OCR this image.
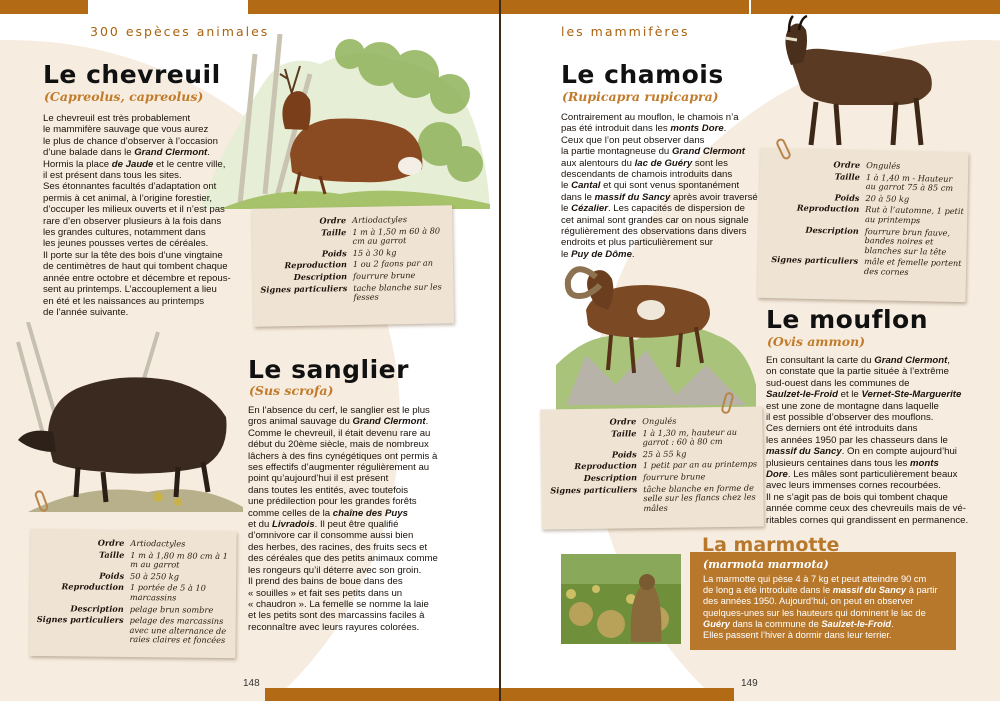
300 espèces animales
Le chevreuil
(Capreolus, capreolus)

Le chevreuil est très probablement

le mammifère sauvage que vous aurez

le plus de chance d’observer à l’occasion

d’une balade dans le Grand Clermont.

Hormis la place de Jaude et le centre ville,

il est présent dans tous les sites.

Ses étonnantes facultés d’adaptation ont

permis à cet animal, à l’origine forestier,

d’occuper les milieux ouverts et il n’est pas

rare d’en observer plusieurs à la fois dans

les grandes cultures, notamment dans

les jeunes pousses vertes de céréales.

Il porte sur la tête des bois d’une vingtaine

de centimètres de haut qui tombent chaque

année entre octobre et décembre et repous-

sent au printemps. L’accouplement a lieu

en été et les naissances au printemps

de l’année suivante.

Ordre	Artiodactyles
Taille	1 m à 1,50 m 60 à 80 cm au garrot
Poids	15 à 30 kg
Reproduction	1 ou 2 faons par an
Description	fourrure brune
Signes particuliers	tache blanche sur les fesses
Ordre	Artiodactyles
Taille	1 m à 1,80 m 80 cm à 1 m au garrot
Poids	50 à 250 kg
Reproduction	1 portée de 5 à 10 marcassins
Description	pelage brun sombre
Signes particuliers	pelage des marcassins avec une alternance de raies claires et foncées
Le sanglier
(Sus scrofa)

En l’absence du cerf, le sanglier est le plus

gros animal sauvage du Grand Clermont.

Comme le chevreuil, il était devenu rare au

début du 20ème siècle, mais de nombreux

lâchers à des fins cynégétiques ont permis à

ses effectifs d’augmenter régulièrement au

point qu’aujourd’hui il est présent

dans toutes les entités, avec toutefois

une prédilection pour les grandes forêts

comme celles de la chaîne des Puys

et du Livradois. Il peut être qualifié

d’omnivore car il consomme aussi bien

des herbes, des racines, des fruits secs et

des céréales que des petits animaux comme

les rongeurs qu’il déterre avec son groin.

Il prend des bains de boue dans des

« souilles » et fait ses petits dans un

« chaudron ». La femelle se nomme la laie

et les petits sont des marcassins faciles à

reconnaître avec leurs rayures colorées.

148
les mammifères
Le chamois
(Rupicapra rupicapra)

Contrairement au mouflon, le chamois n’a

pas été introduit dans les monts Dore.

Ceux que l’on peut observer dans

la partie montagneuse du Grand Clermont

aux alentours du lac de Guéry sont les

descendants de chamois introduits dans

le Cantal et qui sont venus spontanément

dans le massif du Sancy après avoir traversé

le Cézalier. Les capacités de dispersion de

cet animal sont grandes car on nous signale

régulièrement des observations dans divers

endroits et plus particulièrement sur

le Puy de Dôme.

Ordre	Ongulés
Taille	1 à 1,40 m - Hauteur au garrot 75 à 85 cm
Poids	20 à 50 kg
Reproduction	Rut à l’automne, 1 petit au printemps
Description	fourrure brun fauve, bandes noires et blanches sur la tête
Signes particuliers	mâle et femelle portent des cornes
Ordre	Ongulés
Taille	1 à 1,30 m, hauteur au garrot : 60 à 80 cm
Poids	25 à 55 kg
Reproduction	1 petit par an au printemps
Description	fourrure brune
Signes particuliers	tâche blanche en forme de selle sur les flancs chez les mâles
Le mouflon
(Ovis ammon)

En consultant la carte du Grand Clermont,

on constate que la partie située à l’extrême

sud-ouest dans les communes de

Saulzet-le-Froid et le Vernet-Ste-Marguerite

est une zone de montagne dans laquelle

il est possible d’observer des mouflons.

Ces derniers ont été introduits dans

les années 1950 par les chasseurs dans le

massif du Sancy. On en compte aujourd’hui

plusieurs centaines dans tous les monts

Dore. Les mâles sont particulièrement beaux

avec leurs immenses cornes recourbées.

Il ne s’agit pas de bois qui tombent chaque

année comme ceux des chevreuils mais de vé-

ritables cornes qui grandissent en permanence.

149
La marmotte
(marmota marmota)

La marmotte qui pèse 4 à 7 kg et peut atteindre 90 cm

de long a été introduite dans le massif du Sancy à partir

des années 1950. Aujourd’hui, on peut en observer

quelques-unes sur les hauteurs qui dominent le lac de

Guéry dans la commune de Saulzet-le-Froid.

Elles passent l’hiver à dormir dans leur terrier.
